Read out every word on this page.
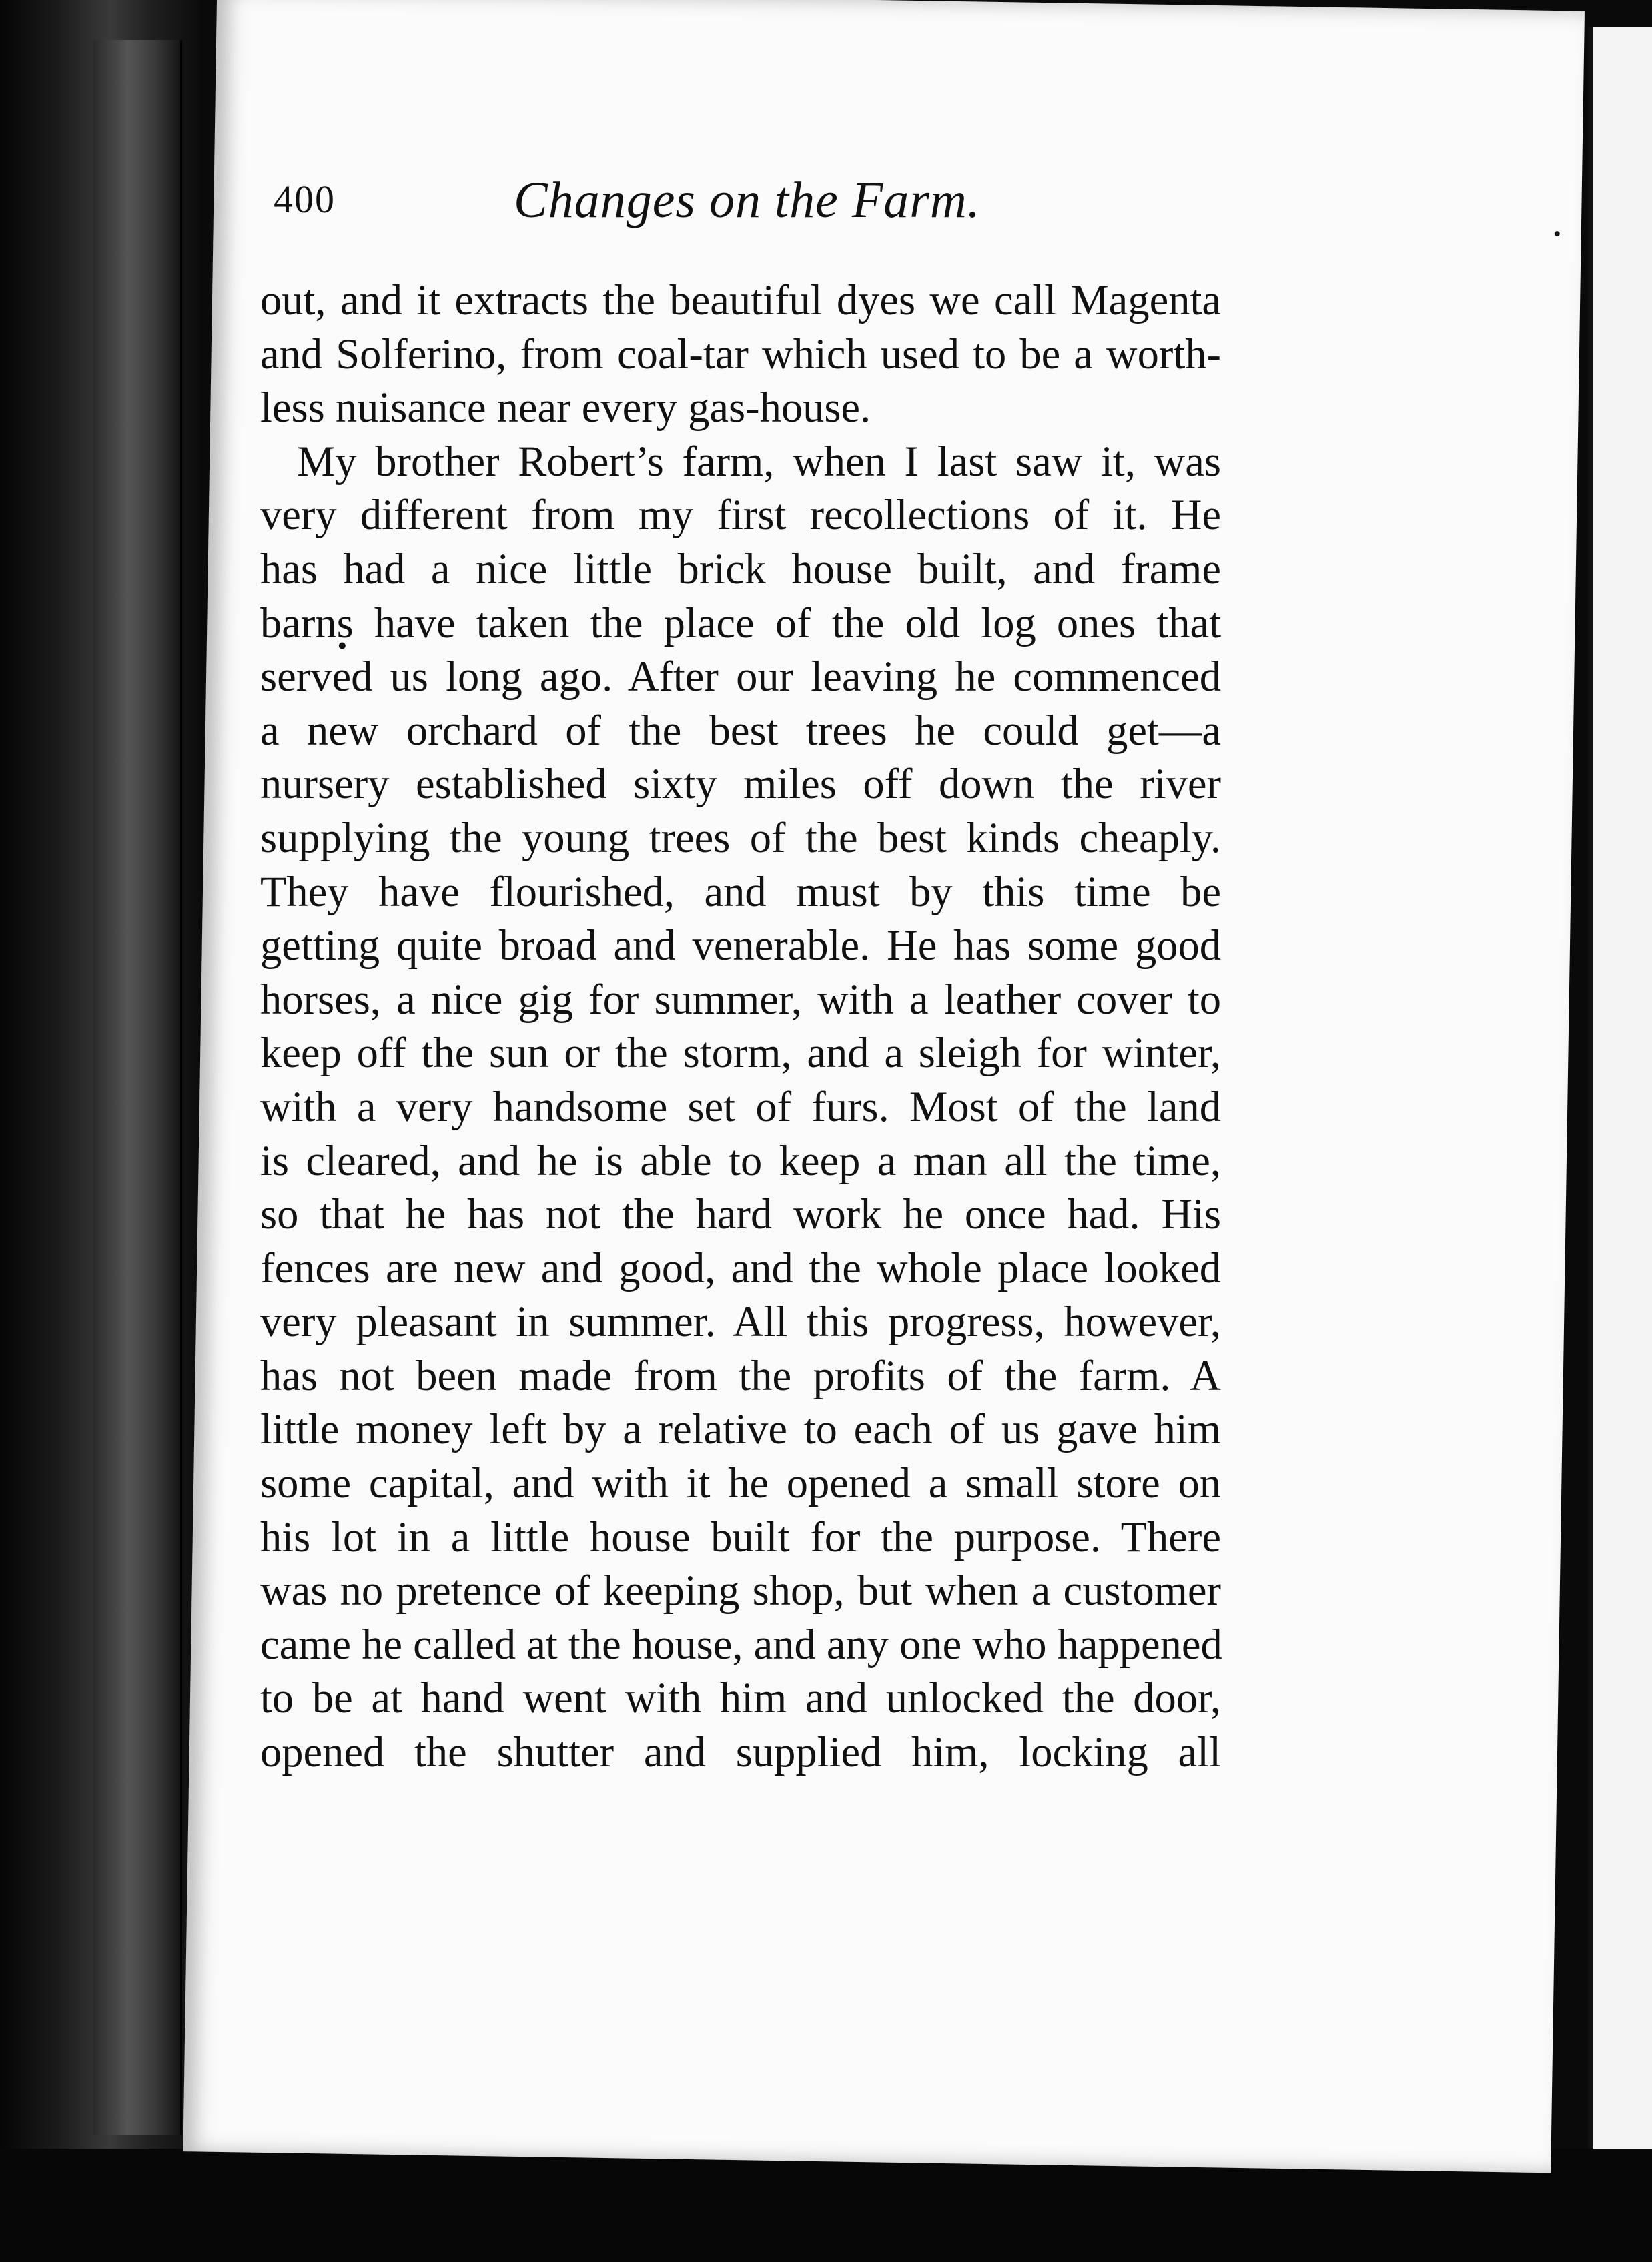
400	Changes on the Farm.
out, and it extracts the beautiful dyes we call Magenta
and Solferino, from coal-tar which used to be a worth-
less nuisance near every gas-house.
My brother Robert’s farm, when I last saw it, was
very different from my first recollections of it. He
has had a nice little brick house built, and frame
barns have taken the place of the old log ones that
served us long ago. After our leaving he commenced
a new orchard of the best trees he could get—a
nursery established sixty miles off down the river
supplying the young trees of the best kinds cheaply.
They have flourished, and must by this time be
getting quite broad and venerable. He has some good
horses, a nice gig for summer, with a leather cover to
keep off the sun or the storm, and a sleigh for winter,
with a very handsome set of furs. Most of the land
is cleared, and he is able to keep a man all the time,
so that he has not the hard work he once had. His
fences are new and good, and the whole place looked
very pleasant in summer. All this progress, however,
has not been made from the profits of the farm. A
little money left by a relative to each of us gave him
some capital, and with it he opened a small store on
his lot in a little house built for the purpose. There
was no pretence of keeping shop, but when a customer
came he called at the house, and any one who happened
to be at hand went with him and unlocked the door,
opened the shutter and supplied him, locking all
